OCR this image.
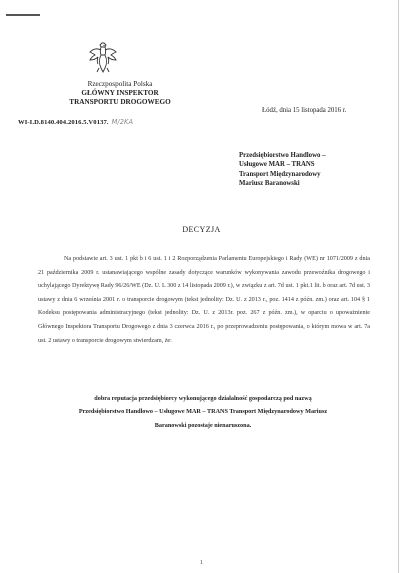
Rzeczpospolita Polska
GŁÓWNY INSPEKTOR
TRANSPORTU DROGOWEGO
WI-I.D.8140.404.2016.5.V0137. M/2KA
Łódź, dnia 15 listopada 2016 r.
Przedsiębiorstwo Handlowo –
Usługowe MAR – TRANS
Transport Międzynarodowy
Mariusz Baranowski
DECYZJA
Na podstawie art. 3 ust. 1 pkt b i 6 ust. 1 i 2 Rozporządzenia Parlamentu Europejskiego i Rady (WE) nr 1071/2009 z dnia 21 października 2009 r. ustanawiającego wspólne zasady dotyczące warunków wykonywania zawodu przewoźnika drogowego i uchylającego Dyrektywę Rady 96/26/WE (Dz. U. L 300 z 14 listopada 2009 r.), w związku z art. 7d ust. 1 pkt.1 lit. b oraz art. 7d ust. 3 ustawy z dnia 6 września 2001 r. o transporcie drogowym (tekst jednolity: Dz. U. z 2013 r., poz. 1414 z późn. zm.) oraz art. 104 § 1 Kodeksu postępowania administracyjnego (tekst jednolity: Dz. U. z 2013r. poz. 267 z późn. zm.), w oparciu o upoważnienie Głównego Inspektora Transportu Drogowego z dnia 3 czerwca 2016 r., po przeprowadzeniu postępowania, o którym mowa w art. 7a ust. 2 ustawy o transporcie drogowym stwierdzam, że:
dobra reputacja przedsiębiorcy wykonującego działalność gospodarczą pod nazwą
Przedsiębiorstwo Handlowo – Usługowe MAR – TRANS Transport Międzynarodowy Mariusz
Baranowski pozostaje nienaruszona.
1
